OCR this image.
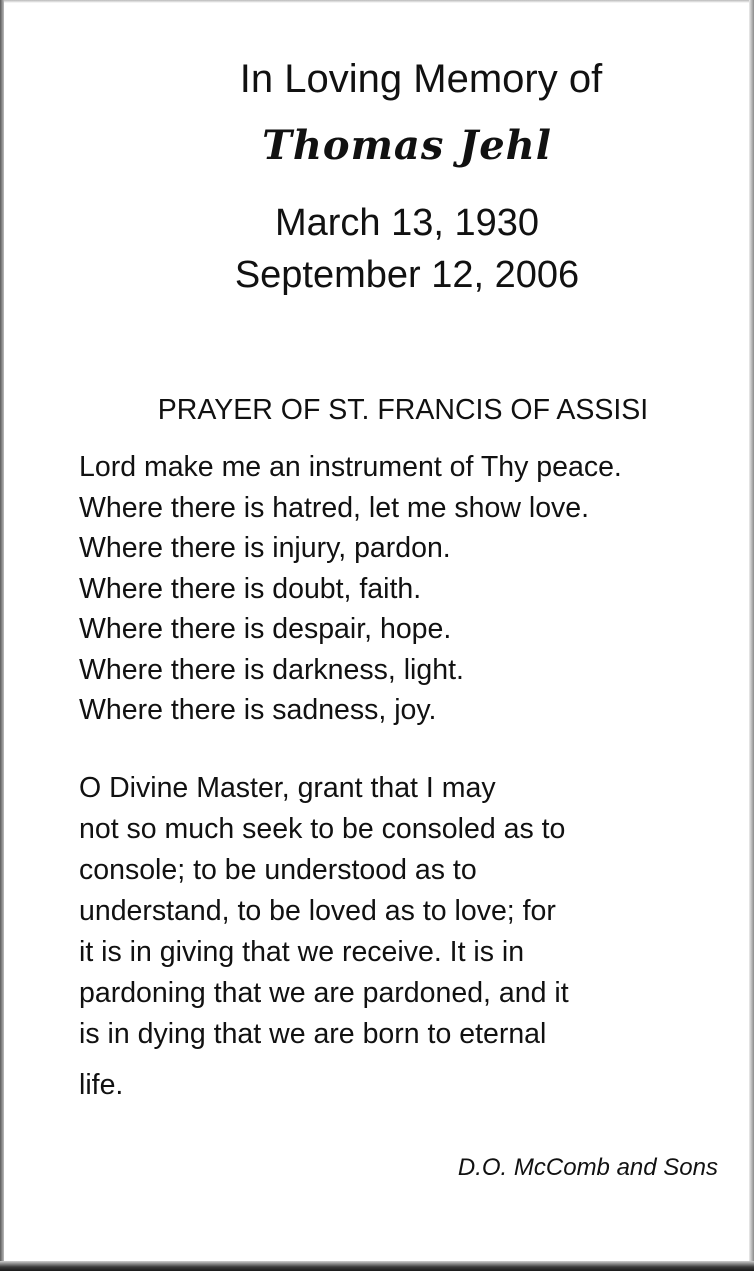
In Loving Memory of
Thomas Jehl
March 13, 1930
September 12, 2006
PRAYER OF ST. FRANCIS OF ASSISI
Lord make me an instrument of Thy peace.
Where there is hatred, let me show love.
Where there is injury, pardon.
Where there is doubt, faith.
Where there is despair, hope.
Where there is darkness, light.
Where there is sadness, joy.
O Divine Master, grant that I may
not so much seek to be consoled as to
console; to be understood as to
understand, to be loved as to love; for
it is in giving that we receive. It is in
pardoning that we are pardoned, and it
is in dying that we are born to eternal
life.
D.O. McComb and Sons
